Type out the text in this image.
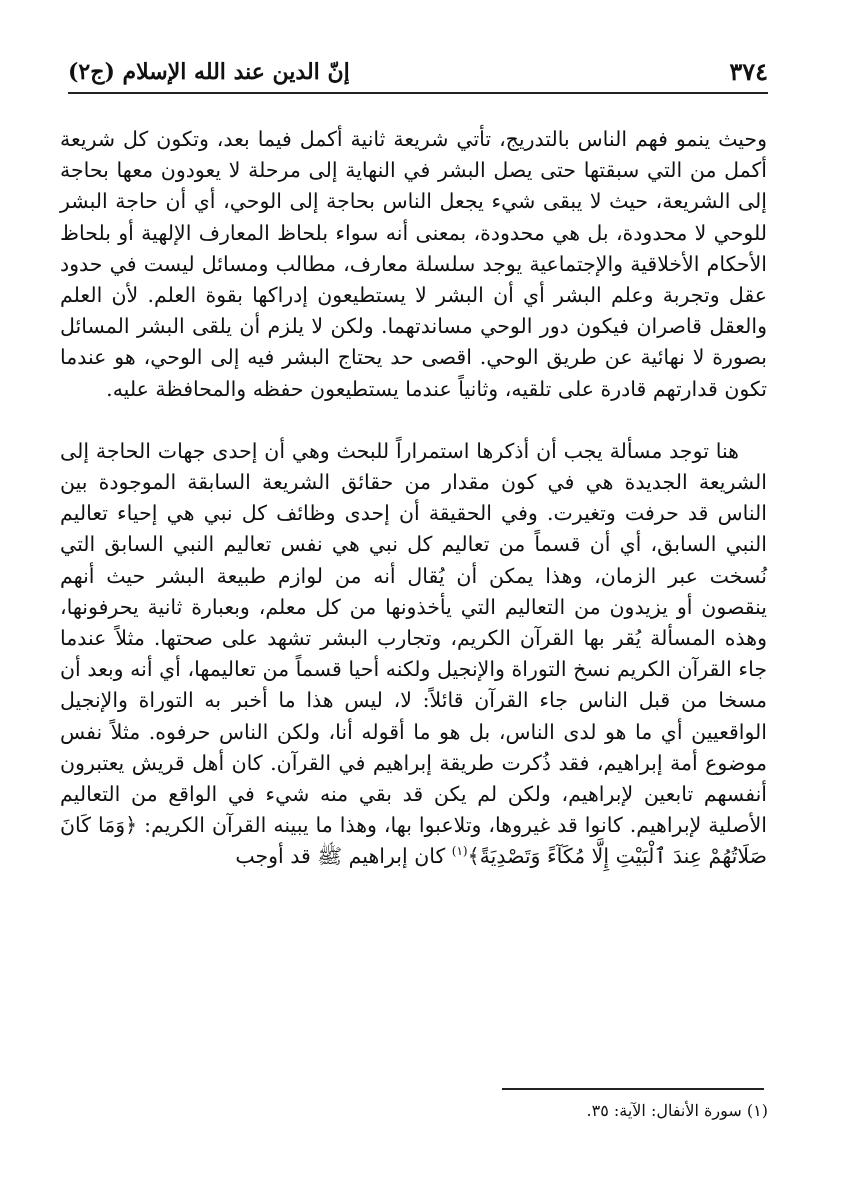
٣٧٤
إنّ الدين عند الله الإسلام (ج٢)

وحيث ينمو فهم الناس بالتدريج، تأتي شريعة ثانية أكمل فيما بعد، وتكون كل شريعة أكمل من التي سبقتها حتى يصل البشر في النهاية إلى مرحلة لا يعودون معها بحاجة إلى الشريعة، حيث لا يبقى شيء يجعل الناس بحاجة إلى الوحي، أي أن حاجة البشر للوحي لا محدودة، بل هي محدودة، بمعنى أنه سواء بلحاظ المعارف الإلهية أو بلحاظ الأحكام الأخلاقية والإجتماعية يوجد سلسلة معارف، مطالب ومسائل ليست في حدود عقل وتجربة وعلم البشر أي أن البشر لا يستطيعون إدراكها بقوة العلم. لأن العلم والعقل قاصران فيكون دور الوحي مساندتهما. ولكن لا يلزم أن يلقى البشر المسائل بصورة لا نهائية عن طريق الوحي. اقصى حد يحتاج البشر فيه إلى الوحي، هو عندما تكون قدارتهم قادرة على تلقيه، وثانياً عندما يستطيعون حفظه والمحافظة عليه.

هنا توجد مسألة يجب أن أذكرها استمراراً للبحث وهي أن إحدى جهات الحاجة إلى الشريعة الجديدة هي في كون مقدار من حقائق الشريعة السابقة الموجودة بين الناس قد حرفت وتغيرت. وفي الحقيقة أن إحدى وظائف كل نبي هي إحياء تعاليم النبي السابق، أي أن قسماً من تعاليم كل نبي هي نفس تعاليم النبي السابق التي نُسخت عبر الزمان، وهذا يمكن أن يُقال أنه من لوازم طبيعة البشر حيث أنهم ينقصون أو يزيدون من التعاليم التي يأخذونها من كل معلم، وبعبارة ثانية يحرفونها، وهذه المسألة يُقر بها القرآن الكريم، وتجارب البشر تشهد على صحتها. مثلاً عندما جاء القرآن الكريم نسخ التوراة والإنجيل ولكنه أحيا قسماً من تعاليمها، أي أنه وبعد أن مسخا من قبل الناس جاء القرآن قائلاً: لا، ليس هذا ما أخبر به التوراة والإنجيل الواقعيين أي ما هو لدى الناس، بل هو ما أقوله أنا، ولكن الناس حرفوه. مثلاً نفس موضوع أمة إبراهيم، فقد ذُكرت طريقة إبراهيم في القرآن. كان أهل قريش يعتبرون أنفسهم تابعين لإبراهيم، ولكن لم يكن قد بقي منه شيء في الواقع من التعاليم الأصلية لإبراهيم. كانوا قد غيروها، وتلاعبوا بها، وهذا ما يبينه القرآن الكريم: ﴿وَمَا كَانَ صَلَاتُهُمْ عِندَ ٱلْبَيْتِ إِلَّا مُكَآءً وَتَصْدِيَةً﴾$^{(١)}$ كان إبراهيم ﷺ قد أوجب

(١) سورة الأنفال: الآية: ٣٥.
